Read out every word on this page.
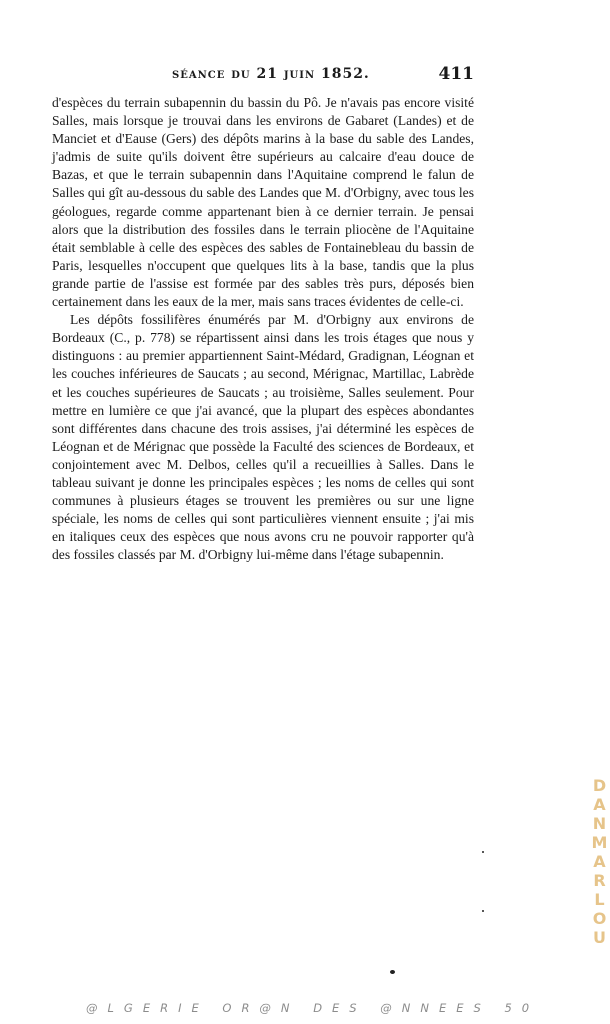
séance du 21 juin 1852.	411

d'espèces du terrain subapennin du bassin du Pô. Je n'avais pas encore visité Salles, mais lorsque je trouvai dans les environs de Gabaret (Landes) et de Manciet et d'Eause (Gers) des dépôts marins à la base du sable des Landes, j'admis de suite qu'ils doivent être supérieurs au calcaire d'eau douce de Bazas, et que le terrain subapennin dans l'Aquitaine comprend le falun de Salles qui gît au-dessous du sable des Landes que M. d'Orbigny, avec tous les géologues, regarde comme appartenant bien à ce dernier terrain. Je pensai alors que la distribution des fossiles dans le terrain pliocène de l'Aquitaine était semblable à celle des espèces des sables de Fontainebleau du bassin de Paris, lesquelles n'occupent que quelques lits à la base, tandis que la plus grande partie de l'assise est formée par des sables très purs, déposés bien certainement dans les eaux de la mer, mais sans traces évidentes de celle-ci.

Les dépôts fossilifères énumérés par M. d'Orbigny aux environs de Bordeaux (C., p. 778) se répartissent ainsi dans les trois étages que nous y distinguons : au premier appartiennent Saint-Médard, Gradignan, Léognan et les couches inférieures de Saucats ; au second, Mérignac, Martillac, Labrède et les couches supérieures de Saucats ; au troisième, Salles seulement. Pour mettre en lumière ce que j'ai avancé, que la plupart des espèces abondantes sont différentes dans chacune des trois assises, j'ai déterminé les espèces de Léognan et de Mérignac que possède la Faculté des sciences de Bordeaux, et conjointement avec M. Delbos, celles qu'il a recueillies à Salles. Dans le tableau suivant je donne les principales espèces ; les noms de celles qui sont communes à plusieurs étages se trouvent les premières ou sur une ligne spéciale, les noms de celles qui sont particulières viennent ensuite ; j'ai mis en italiques ceux des espèces que nous avons cru ne pouvoir rapporter qu'à des fossiles classés par M. d'Orbigny lui-même dans l'étage subapennin.

DANMARLOU
@LGERIE OR@N DES @NNEES 50
